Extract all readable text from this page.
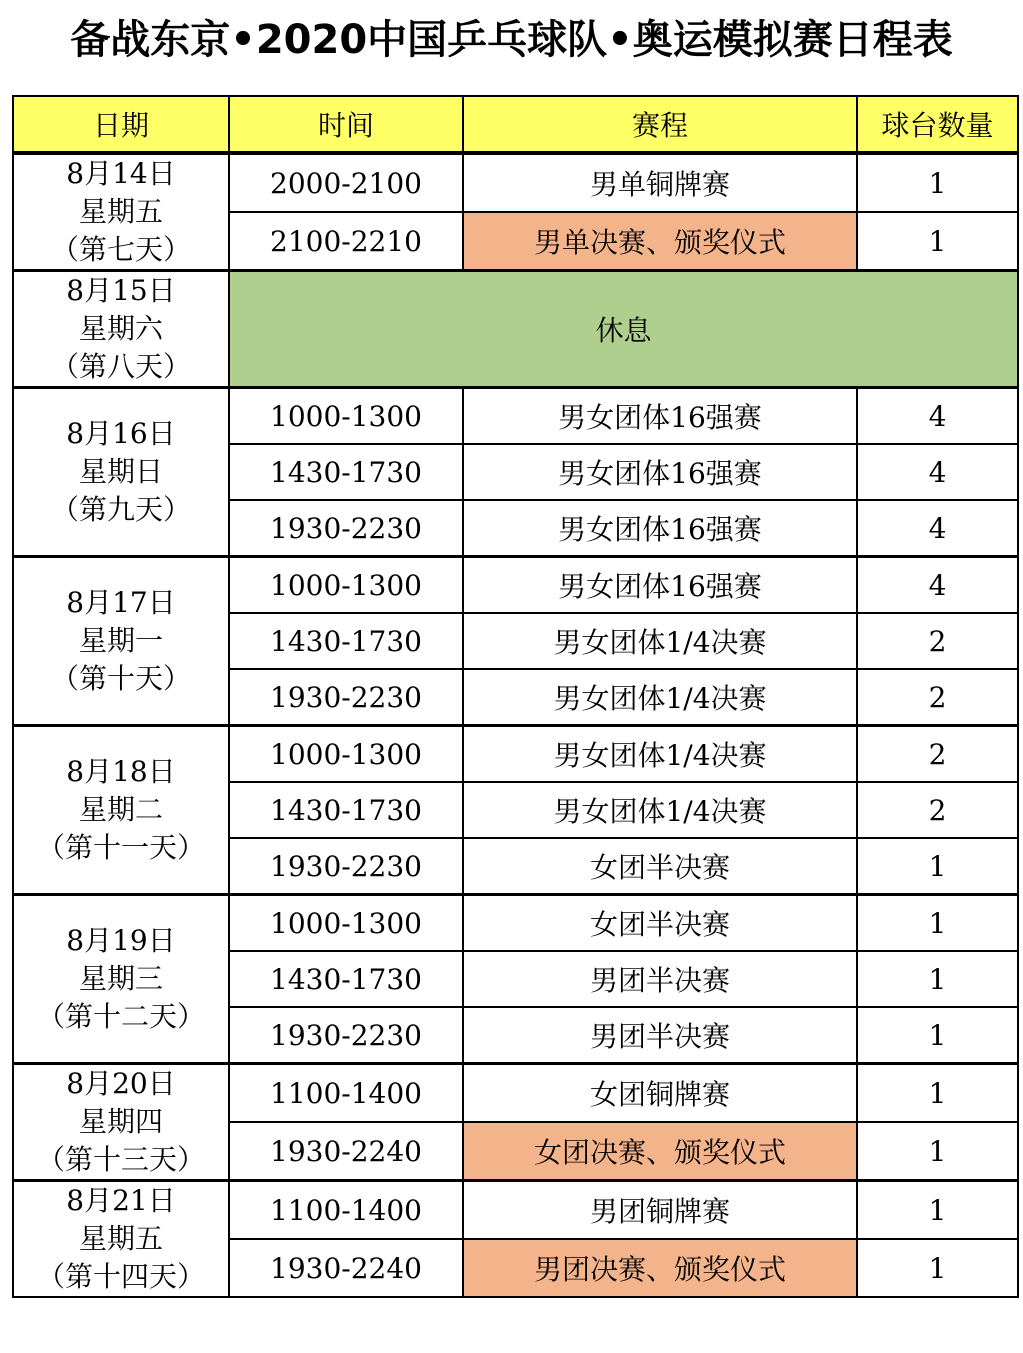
备战东京•2020中国乒乓球队•奥运模拟赛日程表
日期	时间	赛程	球台数量

8月14日
星期五
（第七天）	2000-2100	男单铜牌赛	1
	2100-2210	男单决赛、颁奖仪式	1

8月15日
星期六
（第八天）	休息		

8月16日
星期日
（第九天）	1000-1300	男女团体16强赛	4
	1430-1730	男女团体16强赛	4
	1930-2230	男女团体16强赛	4

8月17日
星期一
（第十天）	1000-1300	男女团体16强赛	4
	1430-1730	男女团体1/4决赛	2
	1930-2230	男女团体1/4决赛	2

8月18日
星期二
（第十一天）	1000-1300	男女团体1/4决赛	2
	1430-1730	男女团体1/4决赛	2
	1930-2230	女团半决赛	1

8月19日
星期三
（第十二天）	1000-1300	女团半决赛	1
	1430-1730	男团半决赛	1
	1930-2230	男团半决赛	1

8月20日
星期四
（第十三天）	1100-1400	女团铜牌赛	1
	1930-2240	女团决赛、颁奖仪式	1

8月21日
星期五
（第十四天）	1100-1400	男团铜牌赛	1
	1930-2240	男团决赛、颁奖仪式	1
